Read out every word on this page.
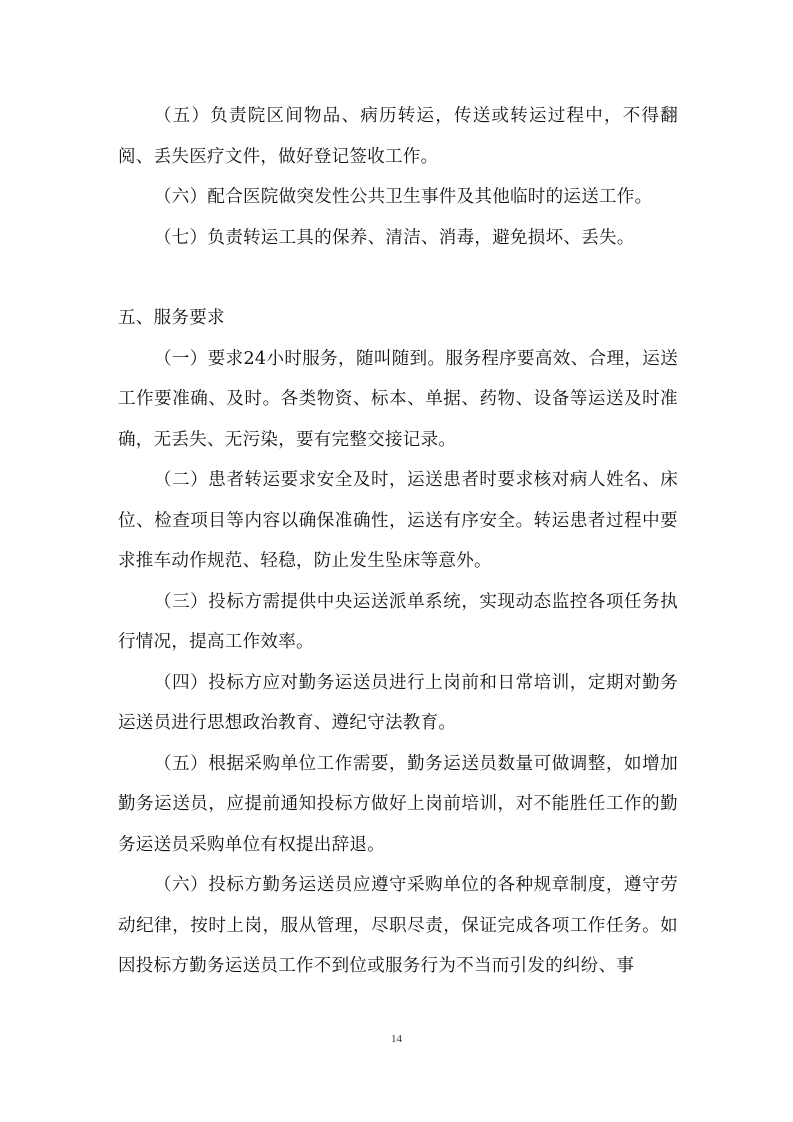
（五）负责院区间物品、病历转运，传送或转运过程中，不得翻阅、丢失医疗文件，做好登记签收工作。

（六）配合医院做突发性公共卫生事件及其他临时的运送工作。

（七）负责转运工具的保养、清洁、消毒，避免损坏、丢失。

五、服务要求

（一）要求24小时服务，随叫随到。服务程序要高效、合理，运送工作要准确、及时。各类物资、标本、单据、药物、设备等运送及时准确，无丢失、无污染，要有完整交接记录。

（二）患者转运要求安全及时，运送患者时要求核对病人姓名、床位、检查项目等内容以确保准确性，运送有序安全。转运患者过程中要求推车动作规范、轻稳，防止发生坠床等意外。

（三）投标方需提供中央运送派单系统，实现动态监控各项任务执行情况，提高工作效率。

（四）投标方应对勤务运送员进行上岗前和日常培训，定期对勤务运送员进行思想政治教育、遵纪守法教育。

（五）根据采购单位工作需要，勤务运送员数量可做调整，如增加勤务运送员，应提前通知投标方做好上岗前培训，对不能胜任工作的勤务运送员采购单位有权提出辞退。

（六）投标方勤务运送员应遵守采购单位的各种规章制度，遵守劳动纪律，按时上岗，服从管理，尽职尽责，保证完成各项工作任务。如因投标方勤务运送员工作不到位或服务行为不当而引发的纠纷、事

14
